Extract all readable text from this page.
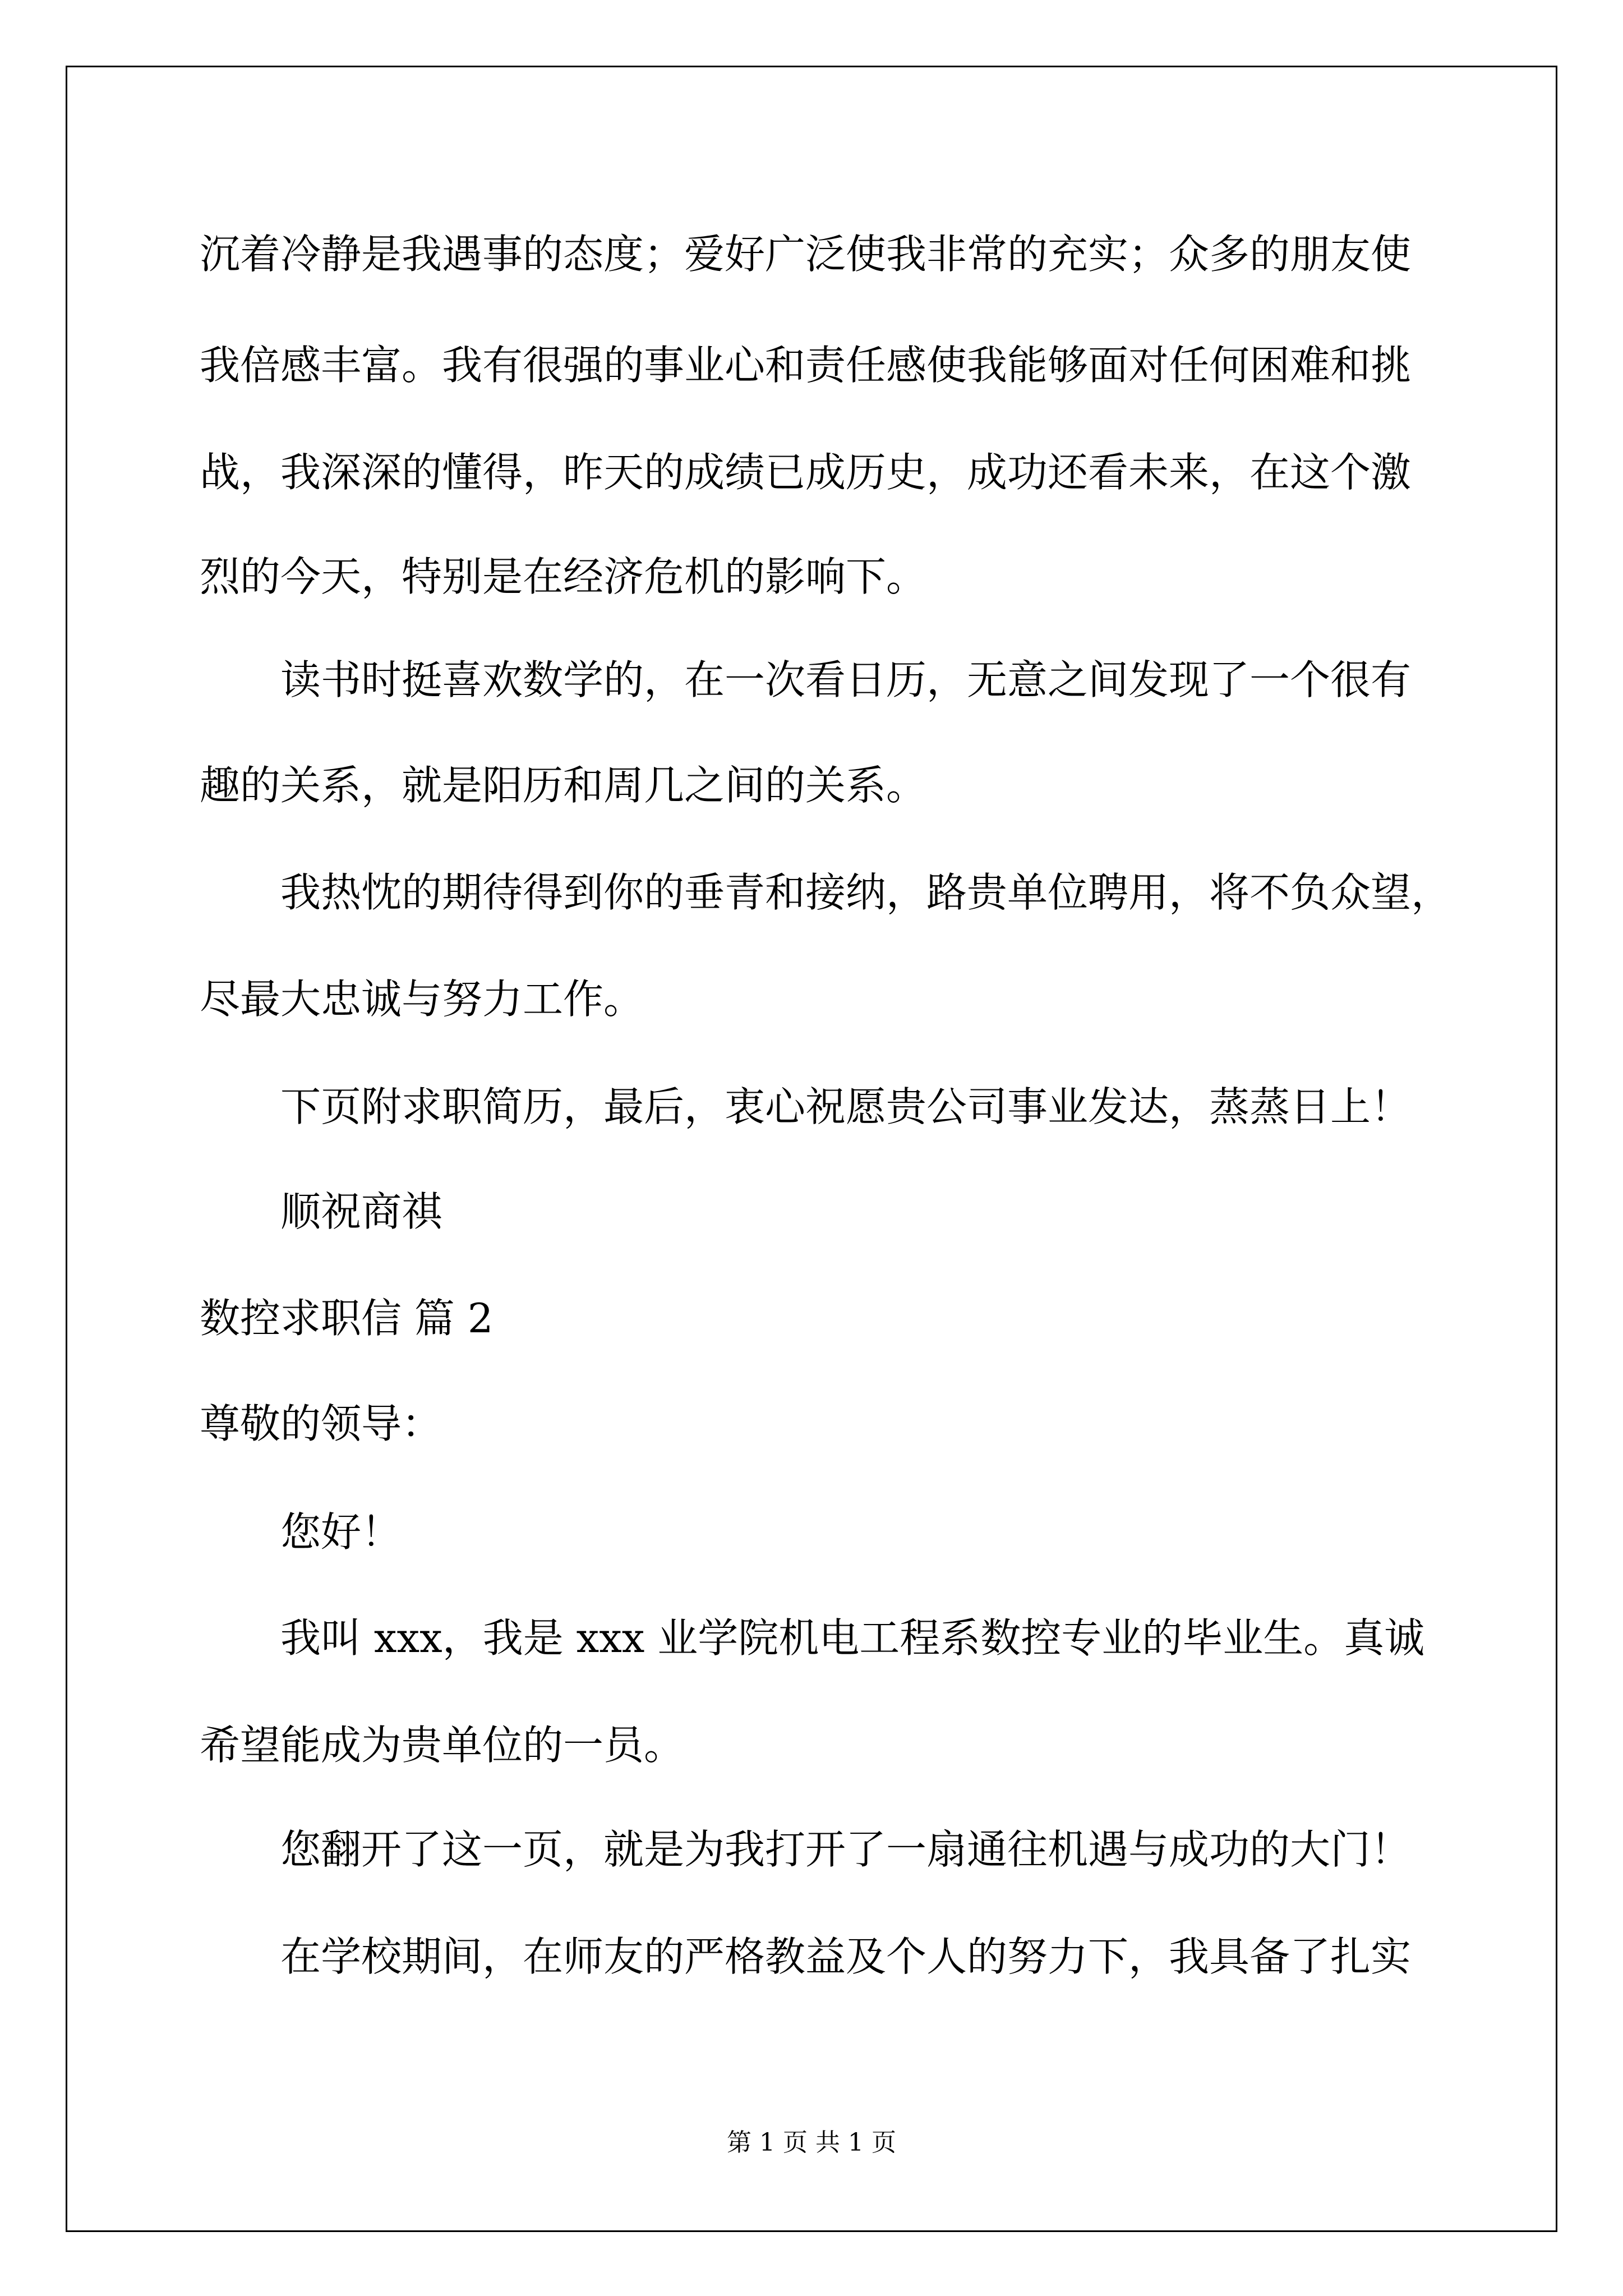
沉着冷静是我遇事的态度；爱好广泛使我非常的充实；众多的朋友使
我倍感丰富。我有很强的事业心和责任感使我能够面对任何困难和挑
战，我深深的懂得，昨天的成绩已成历史，成功还看未来，在这个激
烈的今天，特别是在经济危机的影响下。
读书时挺喜欢数学的，在一次看日历，无意之间发现了一个很有
趣的关系，就是阳历和周几之间的关系。
我热忱的期待得到你的垂青和接纳，路贵单位聘用，将不负众望，
尽最大忠诚与努力工作。
下页附求职简历，最后，衷心祝愿贵公司事业发达，蒸蒸日上！
顺祝商祺
数控求职信 篇 2
尊敬的领导：
您好！
我叫 xxx，我是 xxx 业学院机电工程系数控专业的毕业生。真诚
希望能成为贵单位的一员。
您翻开了这一页，就是为我打开了一扇通往机遇与成功的大门！
在学校期间，在师友的严格教益及个人的努力下，我具备了扎实
第 1 页 共 1 页
